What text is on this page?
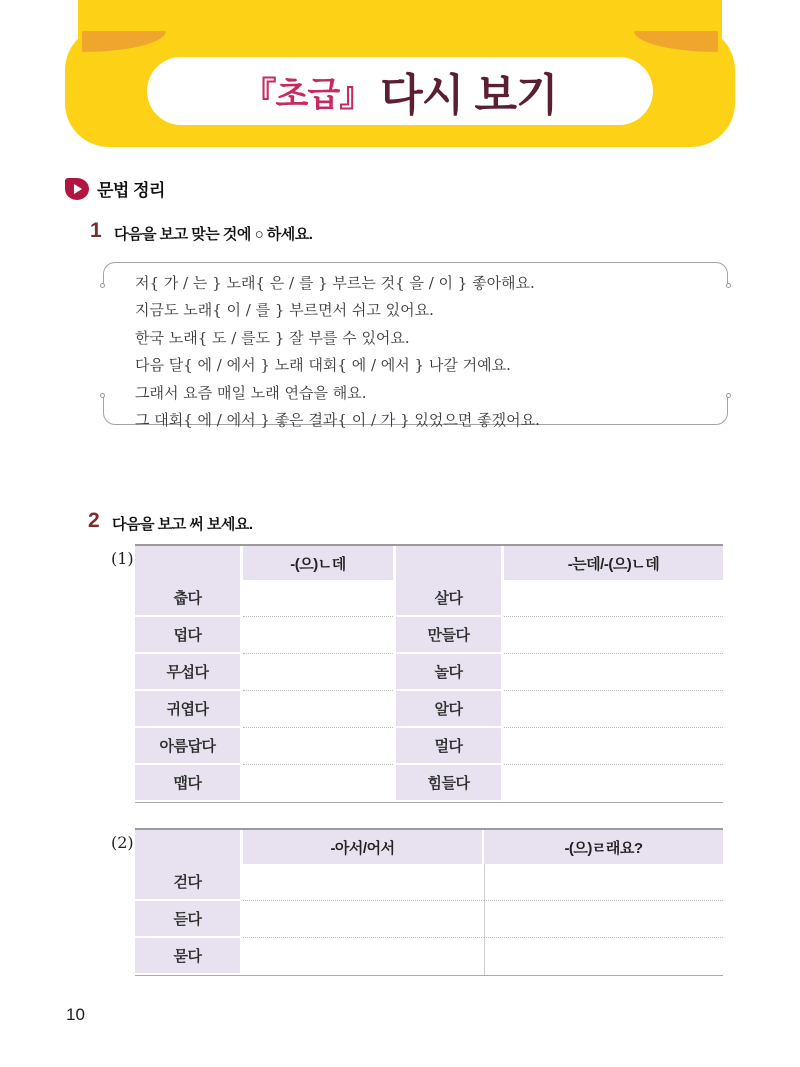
『초급』 다시 보기
문법 정리
1 다음을 보고 맞는 것에 ○ 하세요.
저{ 가 / 는 } 노래{ 은 / 를 } 부르는 것{ 을 / 이 } 좋아해요.
지금도 노래{ 이 / 를 } 부르면서 쉬고 있어요.
한국 노래{ 도 / 를도 } 잘 부를 수 있어요.
다음 달{ 에 / 에서 } 노래 대회{ 에 / 에서 } 나갈 거예요.
그래서 요즘 매일 노래 연습을 해요.
그 대회{ 에 / 에서 } 좋은 결과{ 이 / 가 } 있었으면 좋겠어요.
2 다음을 보고 써 보세요.
(1)	-(으)ㄴ데	-는데/-(으)ㄴ데
춥다	살다
덥다	만들다
무섭다	놀다
귀엽다	알다
아름답다	멀다
맵다	힘들다
(2)	-아서/어서	-(으)ㄹ래요?
걷다
듣다
묻다
10
